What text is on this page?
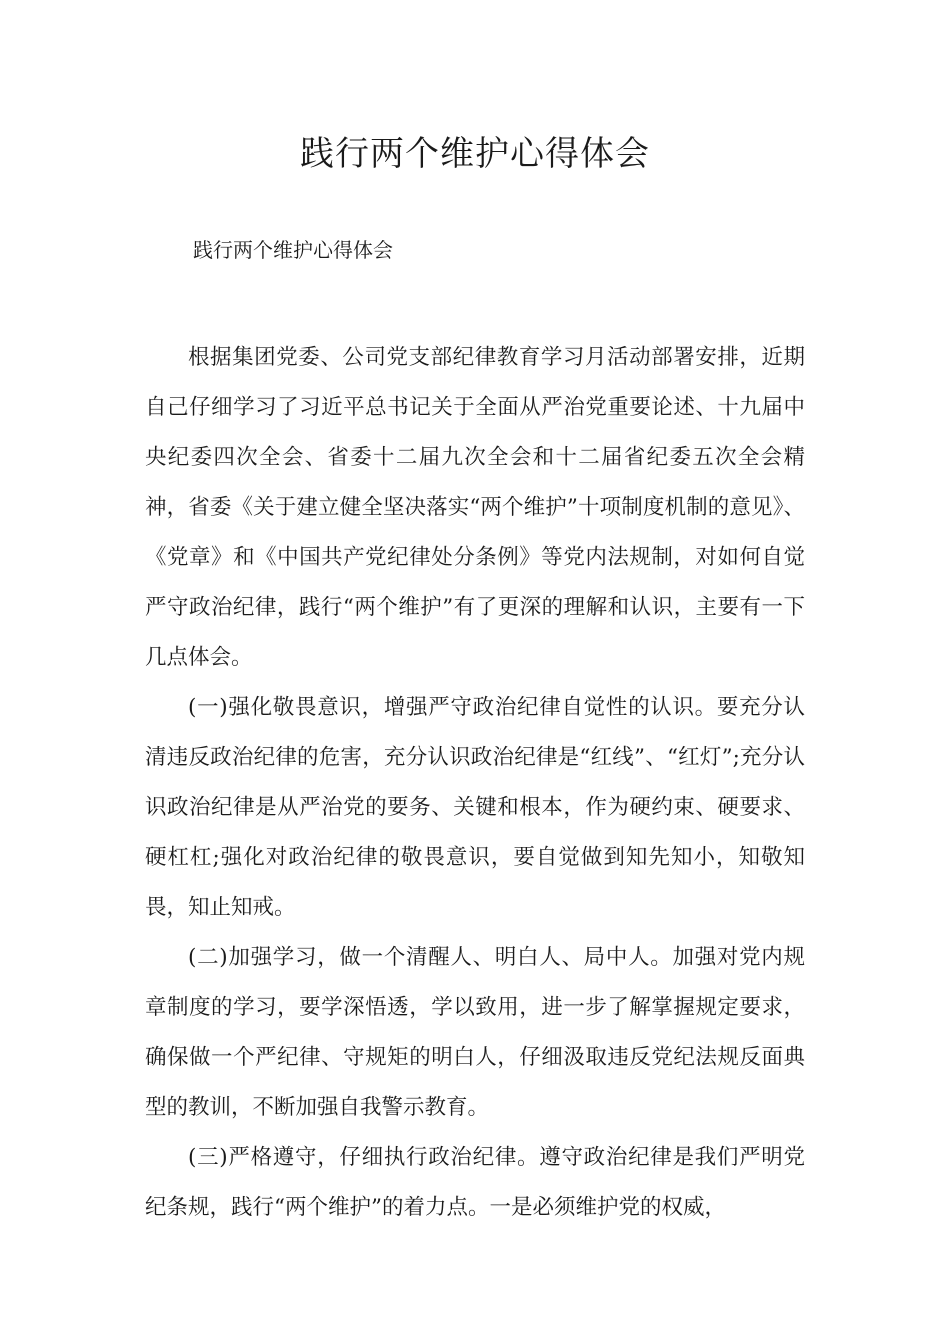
践行两个维护心得体会

践行两个维护心得体会

根据集团党委、公司党支部纪律教育学习月活动部署安排，近期自己仔细学习了习近平总书记关于全面从严治党重要论述、十九届中央纪委四次全会、省委十二届九次全会和十二届省纪委五次全会精神，省委《关于建立健全坚决落实“两个维护”十项制度机制的意见》、《党章》和《中国共产党纪律处分条例》等党内法规制，对如何自觉严守政治纪律，践行“两个维护”有了更深的理解和认识，主要有一下几点体会。

(一)强化敬畏意识，增强严守政治纪律自觉性的认识。要充分认清违反政治纪律的危害，充分认识政治纪律是“红线”、“红灯”;充分认识政治纪律是从严治党的要务、关键和根本，作为硬约束、硬要求、硬杠杠;强化对政治纪律的敬畏意识，要自觉做到知先知小，知敬知畏，知止知戒。

(二)加强学习，做一个清醒人、明白人、局中人。加强对党内规章制度的学习，要学深悟透，学以致用，进一步了解掌握规定要求，确保做一个严纪律、守规矩的明白人，仔细汲取违反党纪法规反面典型的教训，不断加强自我警示教育。

(三)严格遵守，仔细执行政治纪律。遵守政治纪律是我们严明党纪条规，践行“两个维护”的着力点。一是必须维护党的权威，
